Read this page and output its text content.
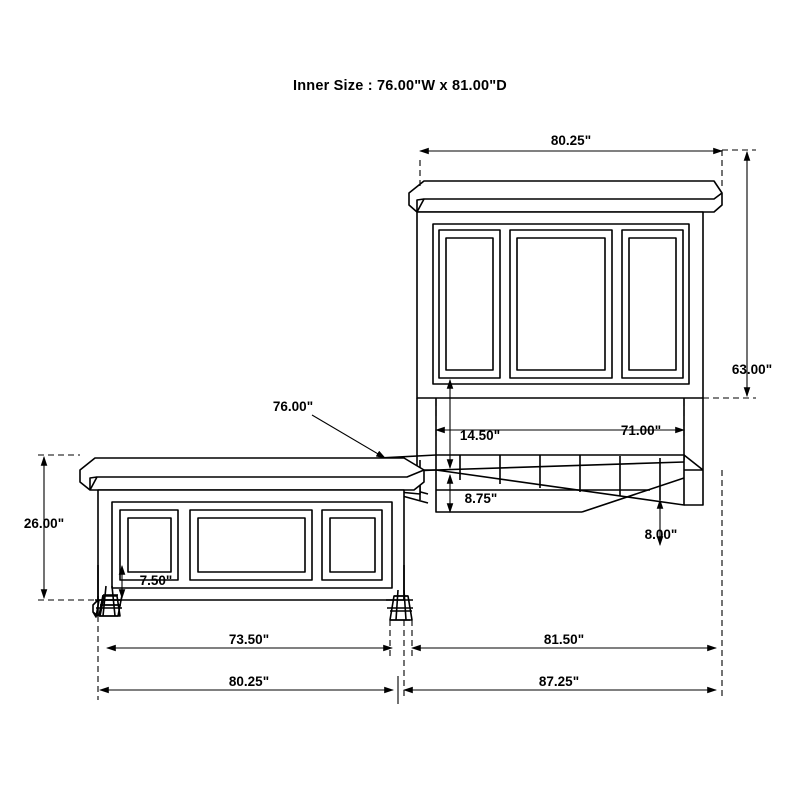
Inner Size : 76.00"W x 81.00"D
80.25"
63.00"
71.00"
14.50"
8.75"
8.00"
76.00"
26.00"
7.50"
73.50"	81.50"
80.25"	87.25"
